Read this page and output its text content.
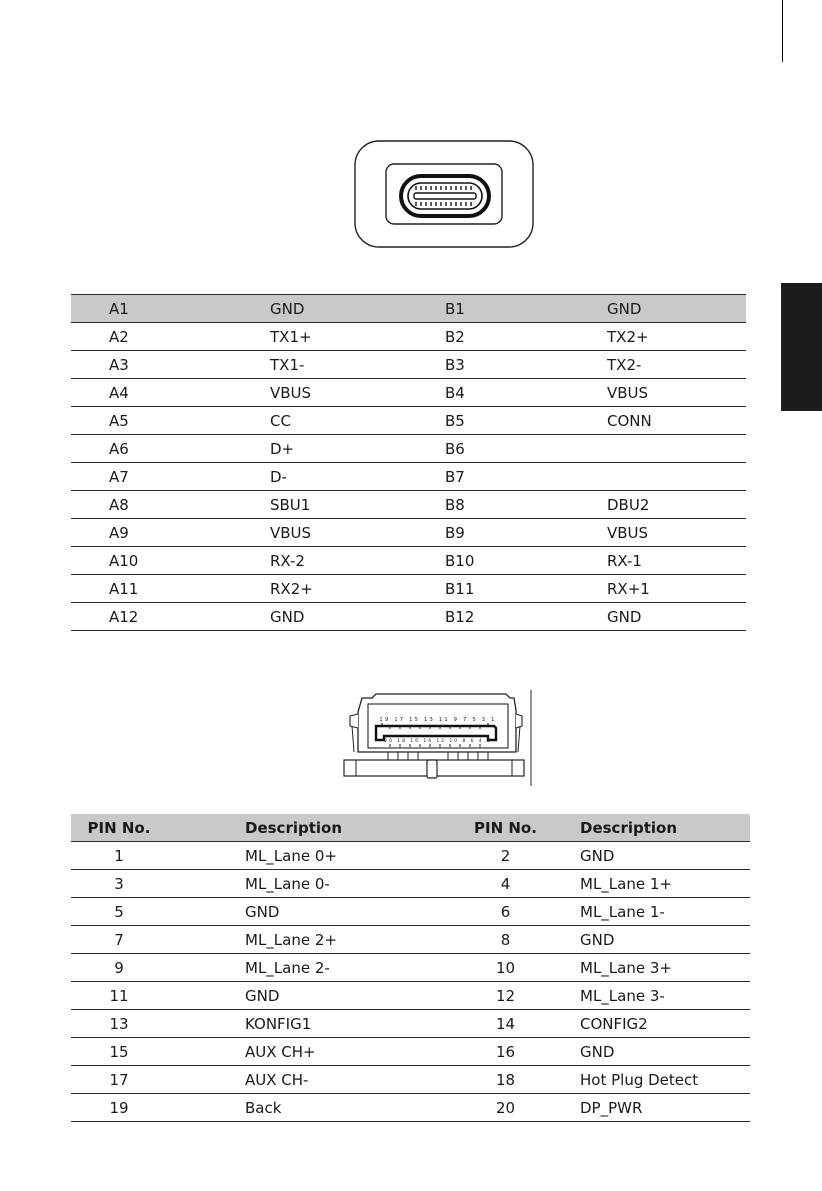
A1	GND	B1	GND
A2	TX1+	B2	TX2+
A3	TX1-	B3	TX2-
A4	VBUS	B4	VBUS
A5	CC	B5	CONN
A6	D+	B6	
A7	D-	B7	
A8	SBU1	B8	DBU2
A9	VBUS	B9	VBUS
A10	RX-2	B10	RX-1
A11	RX2+	B11	RX+1
A12	GND	B12	GND
19 17 15 13 11 9 7 5 3 1
20 18 16 14 12 10 8 6 4 2
PIN No.	Description	PIN No.	Description
1	ML_Lane 0+	2	GND
3	ML_Lane 0-	4	ML_Lane 1+
5	GND	6	ML_Lane 1-
7	ML_Lane 2+	8	GND
9	ML_Lane 2-	10	ML_Lane 3+
11	GND	12	ML_Lane 3-
13	KONFIG1	14	CONFIG2
15	AUX CH+	16	GND
17	AUX CH-	18	Hot Plug Detect
19	Back	20	DP_PWR
